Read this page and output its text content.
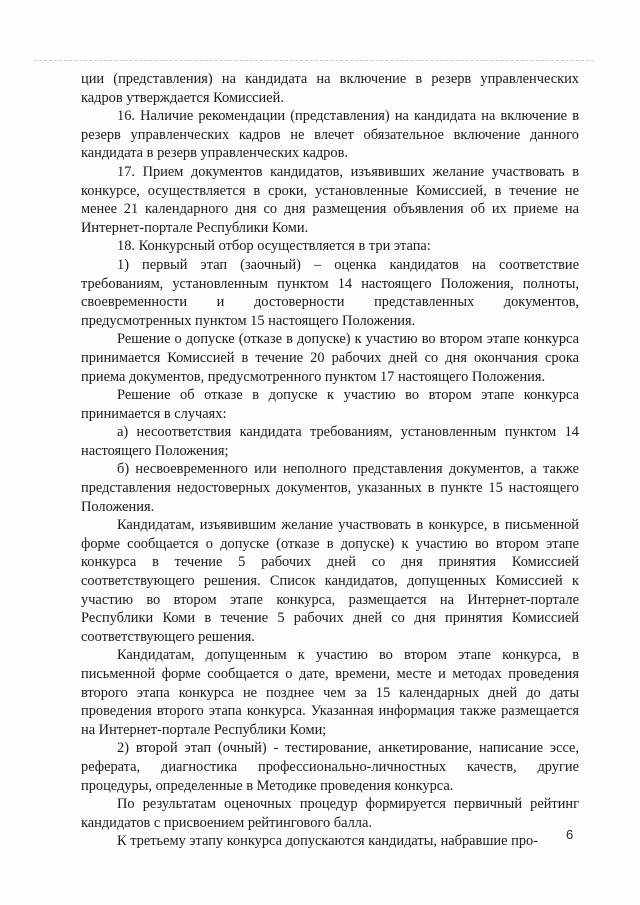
ции (представления) на кандидата на включение в резерв управленческих кадров утверждается Комиссией.

16. Наличие рекомендации (представления) на кандидата на включение в резерв управленческих кадров не влечет обязательное включение данного кандидата в резерв управленческих кадров.

17. Прием документов кандидатов, изъявивших желание участвовать в конкурсе, осуществляется в сроки, установленные Комиссией, в течение не менее 21 календарного дня со дня размещения объявления об их приеме на Интернет-портале Республики Коми.

18. Конкурсный отбор осуществляется в три этапа:

1) первый этап (заочный) – оценка кандидатов на соответствие требованиям, установленным пунктом 14 настоящего Положения, полноты, своевременности и достоверности представленных документов, предусмотренных пунктом 15 настоящего Положения.

Решение о допуске (отказе в допуске) к участию во втором этапе конкурса принимается Комиссией в течение 20 рабочих дней со дня окончания срока приема документов, предусмотренного пунктом 17 настоящего Положения.

Решение об отказе в допуске к участию во втором этапе конкурса принимается в случаях:

а) несоответствия кандидата требованиям, установленным пунктом 14 настоящего Положения;

б) несвоевременного или неполного представления документов, а также представления недостоверных документов, указанных в пункте 15 настоящего Положения.

Кандидатам, изъявившим желание участвовать в конкурсе, в письменной форме сообщается о допуске (отказе в допуске) к участию во втором этапе конкурса в течение 5 рабочих дней со дня принятия Комиссией соответствующего решения. Список кандидатов, допущенных Комиссией к участию во втором этапе конкурса, размещается на Интернет-портале Республики Коми в течение 5 рабочих дней со дня принятия Комиссией соответствующего решения.

Кандидатам, допущенным к участию во втором этапе конкурса, в письменной форме сообщается о дате, времени, месте и методах проведения второго этапа конкурса не позднее чем за 15 календарных дней до даты проведения второго этапа конкурса. Указанная информация также размещается на Интернет-портале Республики Коми;

2) второй этап (очный) - тестирование, анкетирование, написание эссе, реферата, диагностика профессионально-личностных качеств, другие процедуры, определенные в Методике проведения конкурса.

По результатам оценочных процедур формируется первичный рейтинг кандидатов с присвоением рейтингового балла.

К третьему этапу конкурса допускаются кандидаты, набравшие про-	6
